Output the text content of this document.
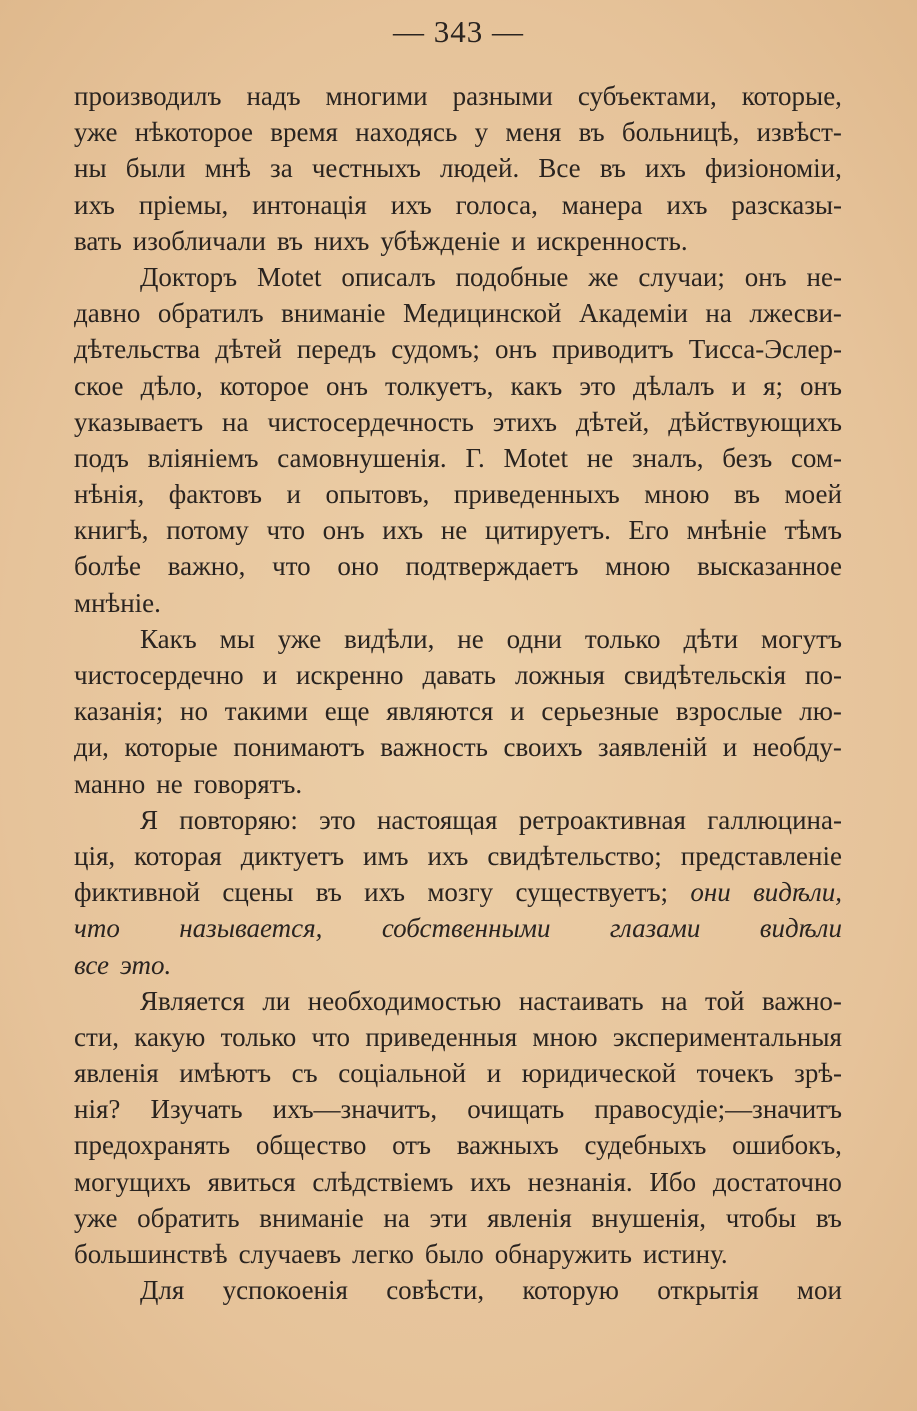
— 343 —
производилъ надъ многими разными субъектами, которые,
уже нѣкоторое время находясь у меня въ больницѣ, извѣст-
ны были мнѣ за честныхъ людей. Все въ ихъ физіономіи,
ихъ пріемы, интонація ихъ голоса, манера ихъ разсказы-
вать изобличали въ нихъ убѣжденіе и искренность.
Докторъ Motet описалъ подобные же случаи; онъ не-
давно обратилъ вниманіе Медицинской Академіи на лжесви-
дѣтельства дѣтей передъ судомъ; онъ приводитъ Тисса-Эслер-
ское дѣло, которое онъ толкуетъ, какъ это дѣлалъ и я; онъ
указываетъ на чистосердечность этихъ дѣтей, дѣйствующихъ
подъ вліяніемъ самовнушенія. Г. Motet не зналъ, безъ сом-
нѣнія, фактовъ и опытовъ, приведенныхъ мною въ моей
книгѣ, потому что онъ ихъ не цитируетъ. Его мнѣніе тѣмъ
болѣе важно, что оно подтверждаетъ мною высказанное
мнѣніе.
Какъ мы уже видѣли, не одни только дѣти могутъ
чистосердечно и искренно давать ложныя свидѣтельскія по-
казанія; но такими еще являются и серьезные взрослые лю-
ди, которые понимаютъ важность своихъ заявленій и необду-
манно не говорятъ.
Я повторяю: это настоящая ретроактивная галлюцина-
ція, которая диктуетъ имъ ихъ свидѣтельство; представленіе
фиктивной сцены въ ихъ мозгу существуетъ; они видѣли,
что называется, собственными глазами видѣли
все это.
Является ли необходимостью настаивать на той важно-
сти, какую только что приведенныя мною экспериментальныя
явленія имѣютъ съ соціальной и юридической точекъ зрѣ-
нія? Изучать ихъ—значитъ, очищать правосудіе;—значитъ
предохранять общество отъ важныхъ судебныхъ ошибокъ,
могущихъ явиться слѣдствіемъ ихъ незнанія. Ибо достаточно
уже обратить вниманіе на эти явленія внушенія, чтобы въ
большинствѣ случаевъ легко было обнаружить истину.
Для успокоенія совѣсти, которую открытія мои
